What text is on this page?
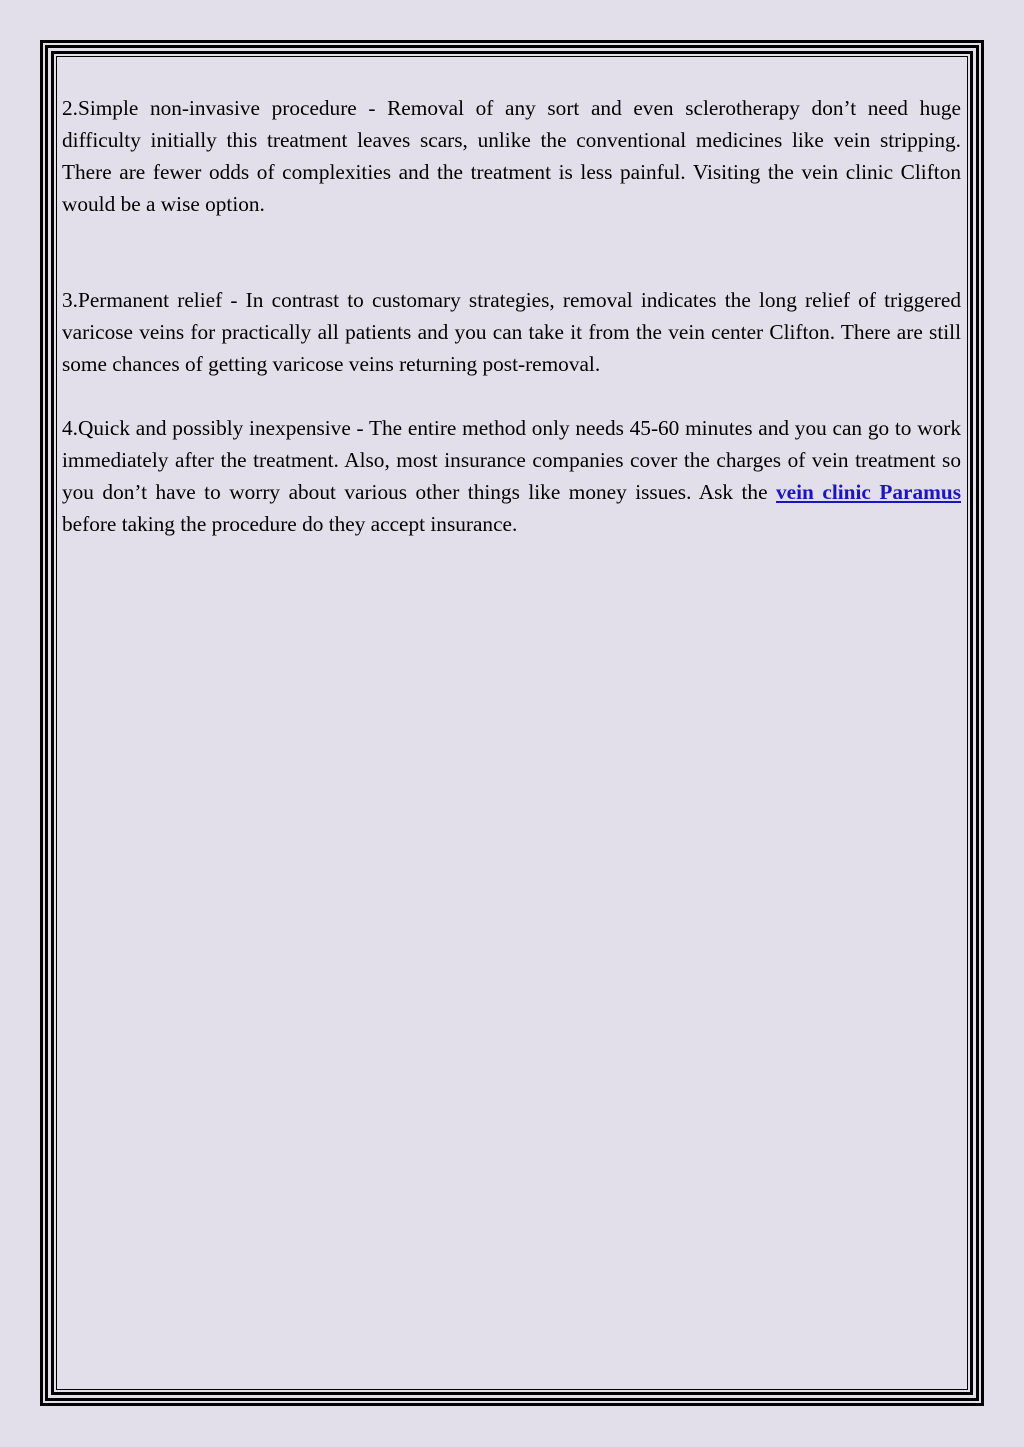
2.Simple non-invasive procedure - Removal of any sort and even sclerotherapy don’t need huge difficulty initially this treatment leaves scars, unlike the conventional medicines like vein stripping. There are fewer odds of complexities and the treatment is less painful. Visiting the vein clinic Clifton would be a wise option.

3.Permanent relief - In contrast to customary strategies, removal indicates the long relief of triggered varicose veins for practically all patients and you can take it from the vein center Clifton. There are still some chances of getting varicose veins returning post-removal.

4.Quick and possibly inexpensive - The entire method only needs 45-60 minutes and you can go to work immediately after the treatment. Also, most insurance companies cover the charges of vein treatment so you don’t have to worry about various other things like money issues. Ask the vein clinic Paramus before taking the procedure do they accept insurance.
